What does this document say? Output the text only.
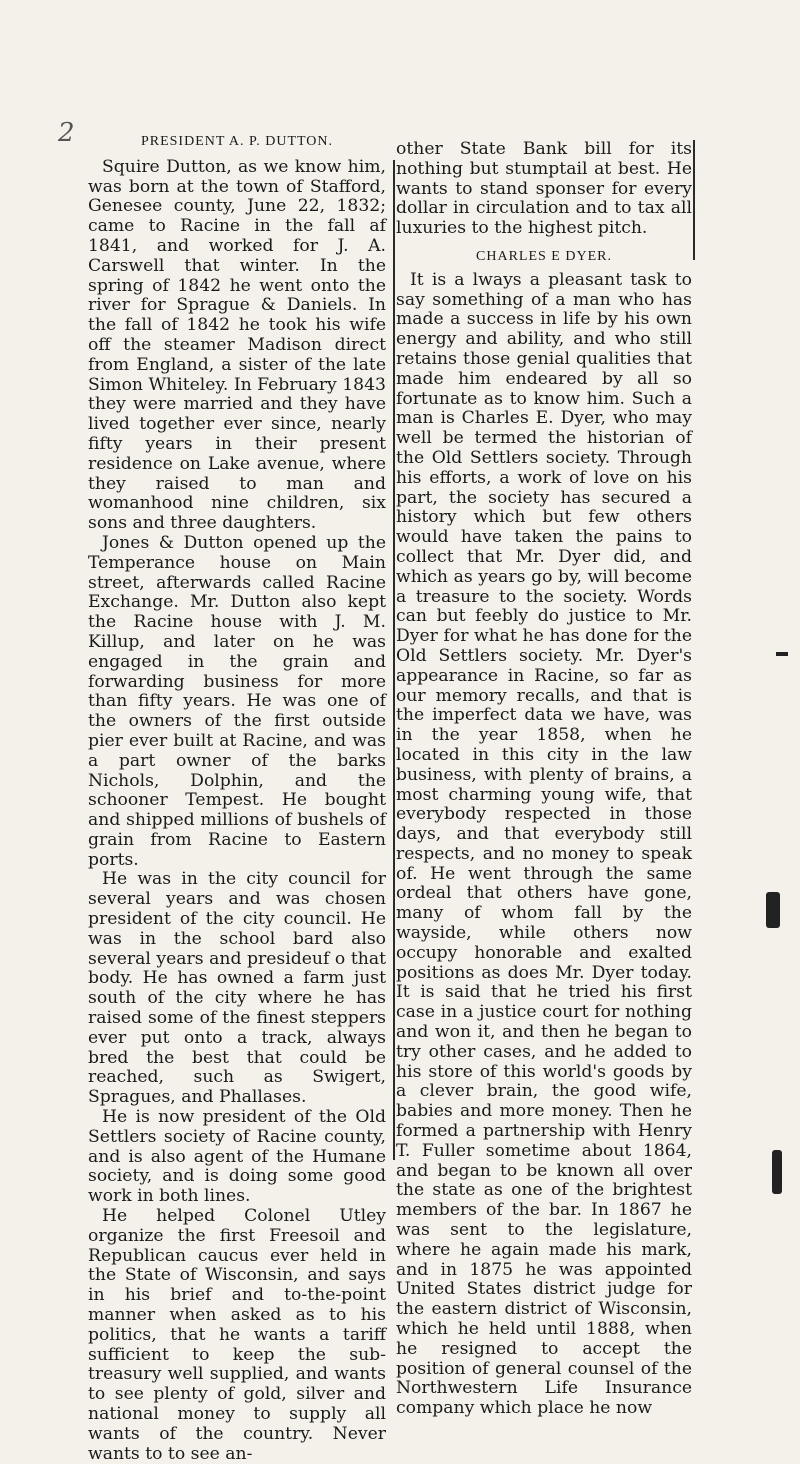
2	PRESIDENT A. P. DUTTON.

Squire Dutton, as we know him, was born at the town of Stafford, Genesee county, June 22, 1832; came to Racine in the fall af 1841, and worked for J. A. Carswell that winter. In the spring of 1842 he went onto the river for Sprague & Daniels. In the fall of 1842 he took his wife off the steamer Madison direct from England, a sister of the late Simon Whiteley. In February 1843 they were married and they have lived together ever since, nearly fifty years in their present residence on Lake avenue, where they raised to man and womanhood nine children, six sons and three daughters.

Jones & Dutton opened up the Temperance house on Main street, afterwards called Racine Exchange. Mr. Dutton also kept the Racine house with J. M. Killup, and later on he was engaged in the grain and forwarding business for more than fifty years. He was one of the owners of the first outside pier ever built at Racine, and was a part owner of the barks Nichols, Dolphin, and the schooner Tempest. He bought and shipped millions of bushels of grain from Racine to Eastern ports.

He was in the city council for several years and was chosen president of the city council. He was in the school bard also several years and presideuf o that body. He has owned a farm just south of the city where he has raised some of the finest steppers ever put onto a track, always bred the best that could be reached, such as Swigert, Spragues, and Phallases.

He is now president of the Old Settlers society of Racine county, and is also agent of the Humane society, and is doing some good work in both lines.

He helped Colonel Utley organize the first Freesoil and Republican caucus ever held in the State of Wisconsin, and says in his brief and to-the-point manner when asked as to his politics, that he wants a tariff sufficient to keep the sub-treasury well supplied, and wants to see plenty of gold, silver and national money to supply all wants of the country. Never wants to to see an-

other State Bank bill for its nothing but stumptail at best. He wants to stand sponser for every dollar in circulation and to tax all luxuries to the highest pitch.

CHARLES E DYER.

It is a lways a pleasant task to say something of a man who has made a success in life by his own energy and ability, and who still retains those genial qualities that made him endeared by all so fortunate as to know him. Such a man is Charles E. Dyer, who may well be termed the historian of the Old Settlers society. Through his efforts, a work of love on his part, the society has secured a history which but few others would have taken the pains to collect that Mr. Dyer did, and which as years go by, will become a treasure to the society. Words can but feebly do justice to Mr. Dyer for what he has done for the Old Settlers society. Mr. Dyer's appearance in Racine, so far as our memory recalls, and that is the imperfect data we have, was in the year 1858, when he located in this city in the law business, with plenty of brains, a most charming young wife, that everybody respected in those days, and that everybody still respects, and no money to speak of. He went through the same ordeal that others have gone, many of whom fall by the wayside, while others now occupy honorable and exalted positions as does Mr. Dyer today. It is said that he tried his first case in a justice court for nothing and won it, and then he began to try other cases, and he added to his store of this world's goods by a clever brain, the good wife, babies and more money. Then he formed a partnership with Henry T. Fuller sometime about 1864, and began to be known all over the state as one of the brightest members of the bar. In 1867 he was sent to the legislature, where he again made his mark, and in 1875 he was appointed United States district judge for the eastern district of Wisconsin, which he held until 1888, when he resigned to accept the position of general counsel of the Northwestern Life Insurance company which place he now
